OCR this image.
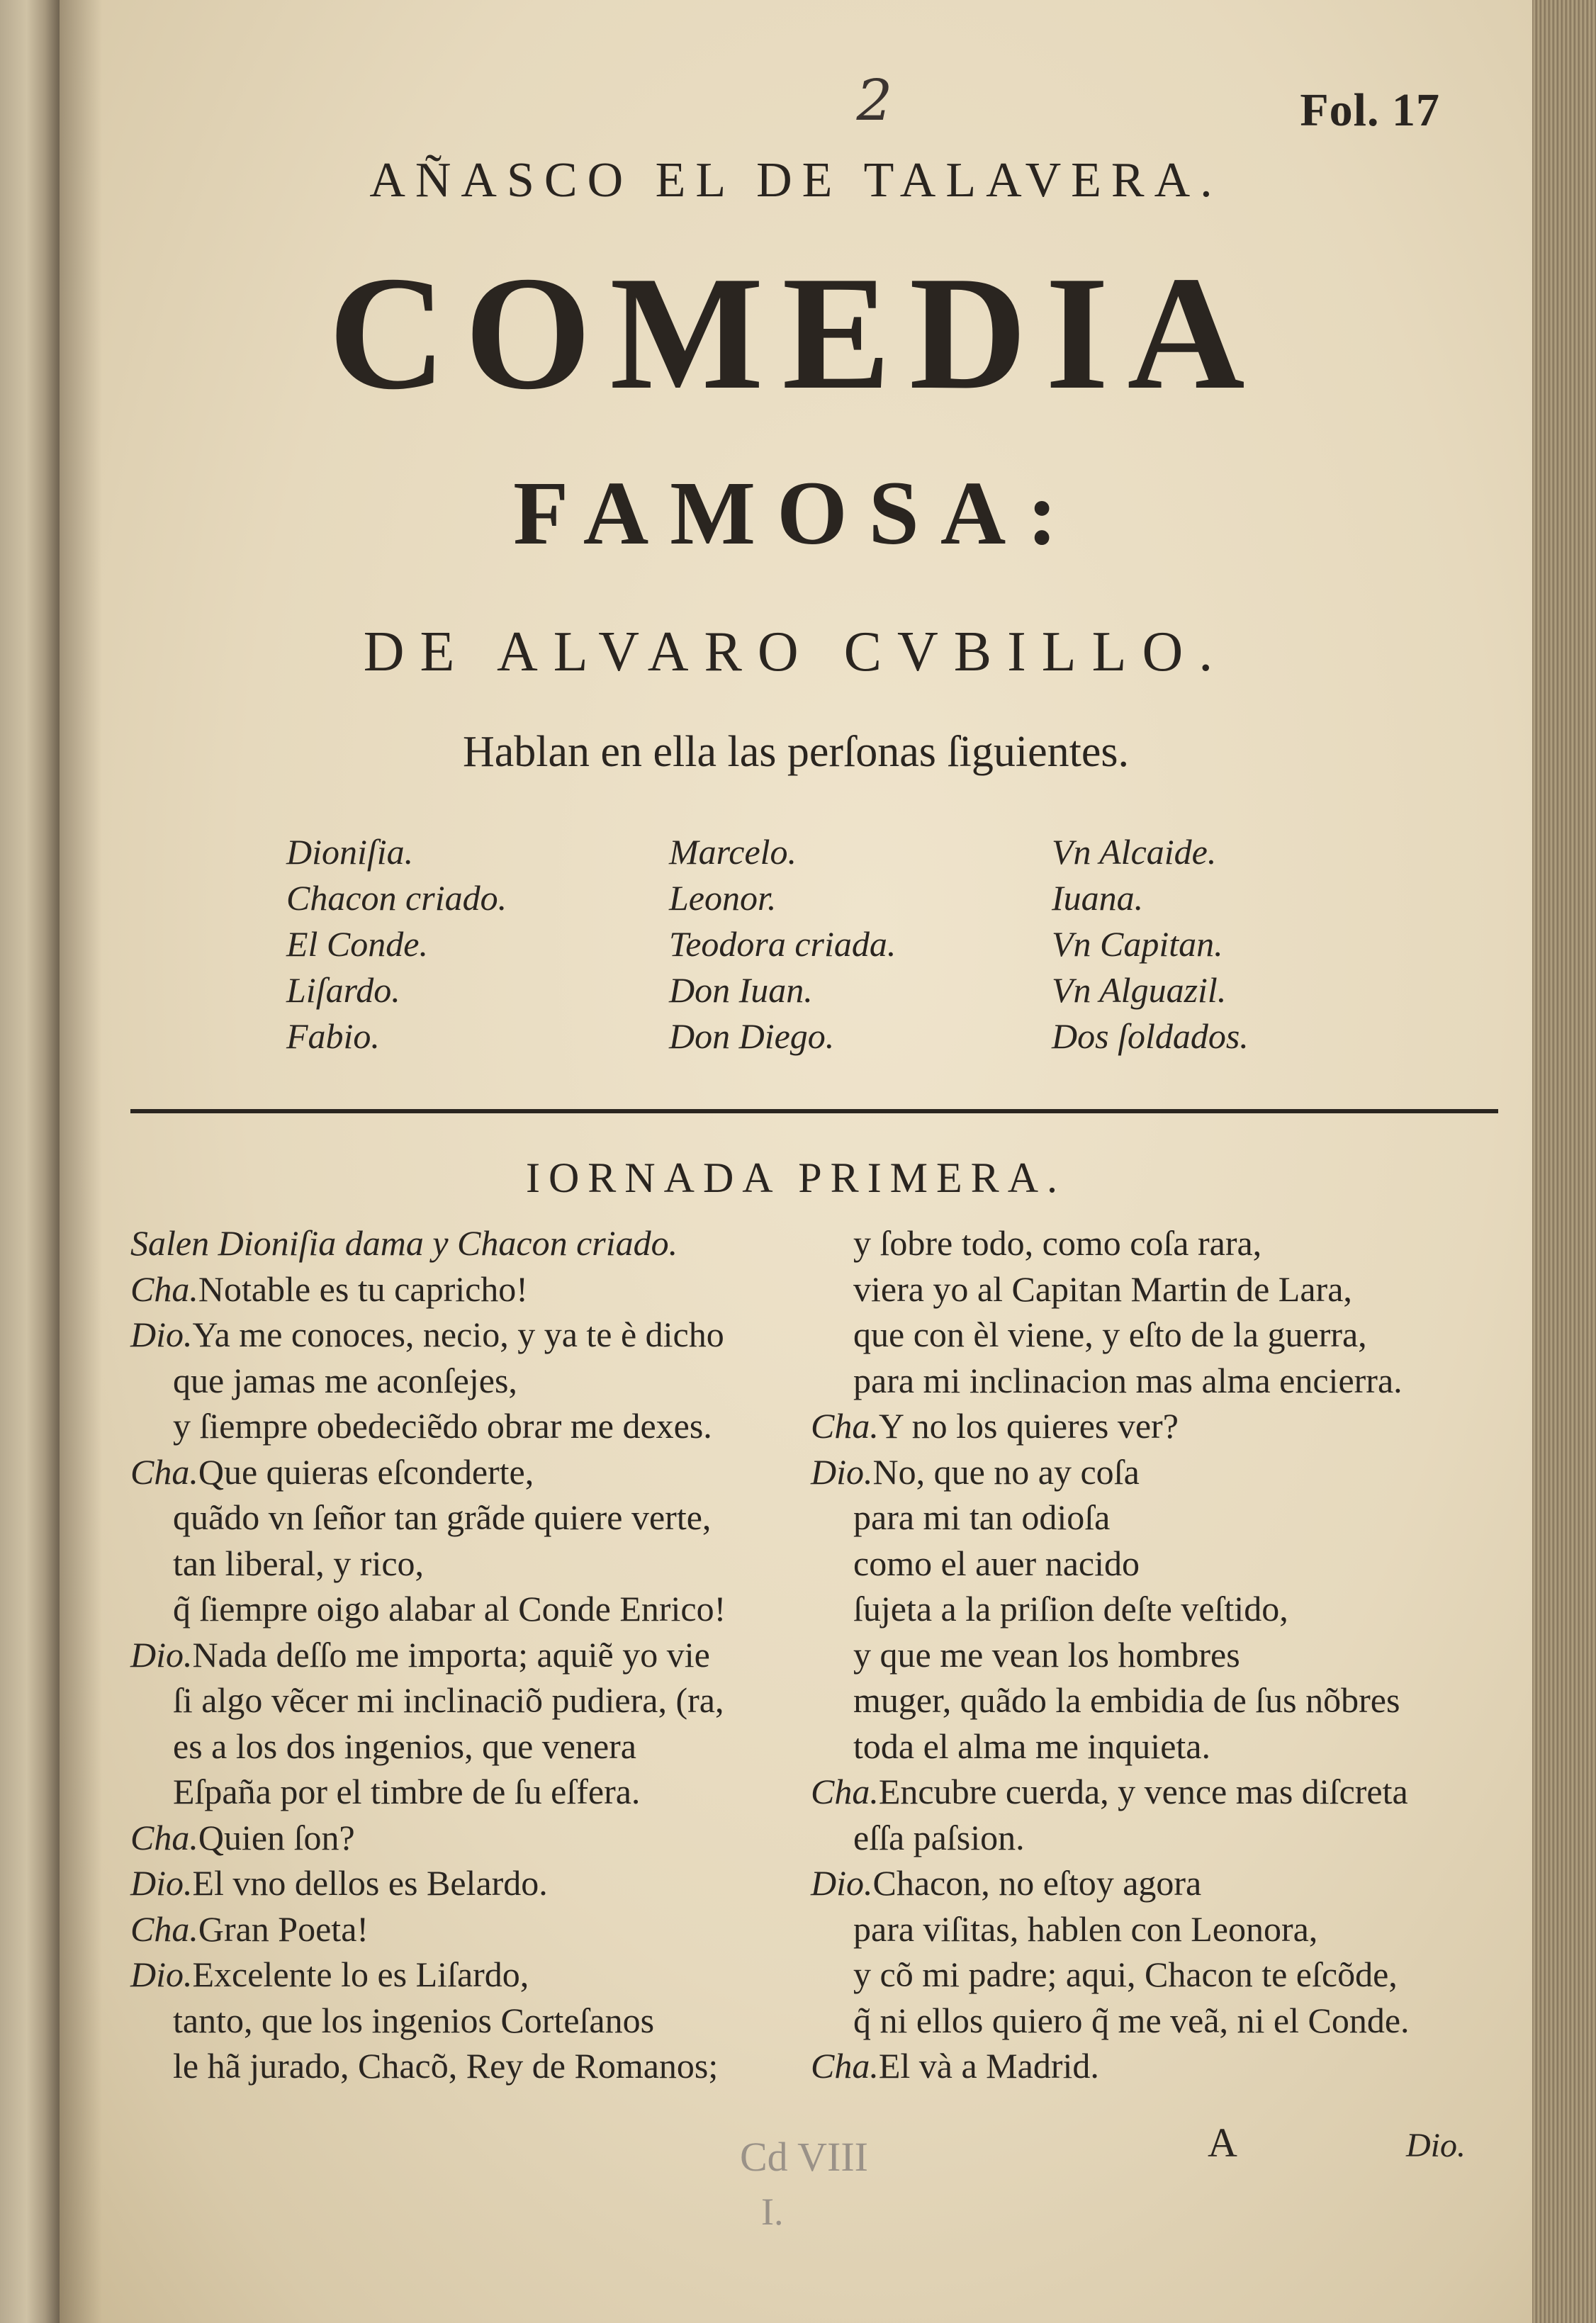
2	Fol. 17

AÑASCO EL DE TALAVERA.

COMEDIA
FAMOSA:

DE ALVARO CVBILLO.

Hablan en ella las perſonas ſiguientes.

Dioniſia.
Chacon criado.
El Conde.
Liſardo.
Fabio.
Marcelo.
Leonor.
Teodora criada.
Don Iuan.
Don Diego.
Vn Alcaide.
Iuana.
Vn Capitan.
Vn Alguazil.
Dos ſoldados.

IORNADA PRIMERA.

Salen Dioniſia dama y Chacon criado.
Cha.Notable es tu capricho!
Dio.Ya me conoces, necio, y ya te è dicho
que jamas me aconſejes,
y ſiempre obedeciẽdo obrar me dexes.
Cha.Que quieras eſconderte,
quãdo vn ſeñor tan grãde quiere verte,
tan liberal, y rico,
q̃ ſiempre oigo alabar al Conde Enrico!
Dio.Nada deſſo me importa; aquiẽ yo vie
ſi algo vẽcer mi inclinaciõ pudiera, (ra,
es a los dos ingenios, que venera
Eſpaña por el timbre de ſu eſfera.
Cha.Quien ſon?
Dio.El vno dellos es Belardo.
Cha.Gran Poeta!
Dio.Excelente lo es Liſardo,
tanto, que los ingenios Corteſanos
le hã jurado, Chacõ, Rey de Romanos;
y ſobre todo, como coſa rara,
viera yo al Capitan Martin de Lara,
que con èl viene, y eſto de la guerra,
para mi inclinacion mas alma encierra.
Cha.Y no los quieres ver?
Dio.No, que no ay coſa
para mi tan odioſa
como el auer nacido
ſujeta a la priſion deſte veſtido,
y que me vean los hombres
muger, quãdo la embidia de ſus nõbres
toda el alma me inquieta.
Cha.Encubre cuerda, y vence mas diſcreta
eſſa paſsion.
Dio.Chacon, no eſtoy agora
para viſitas, hablen con Leonora,
y cõ mi padre; aqui, Chacon te eſcõde,
q̃ ni ellos quiero q̃ me veã, ni el Conde.
Cha.El và a Madrid.

Cd VIII

I.

A	Dio.
